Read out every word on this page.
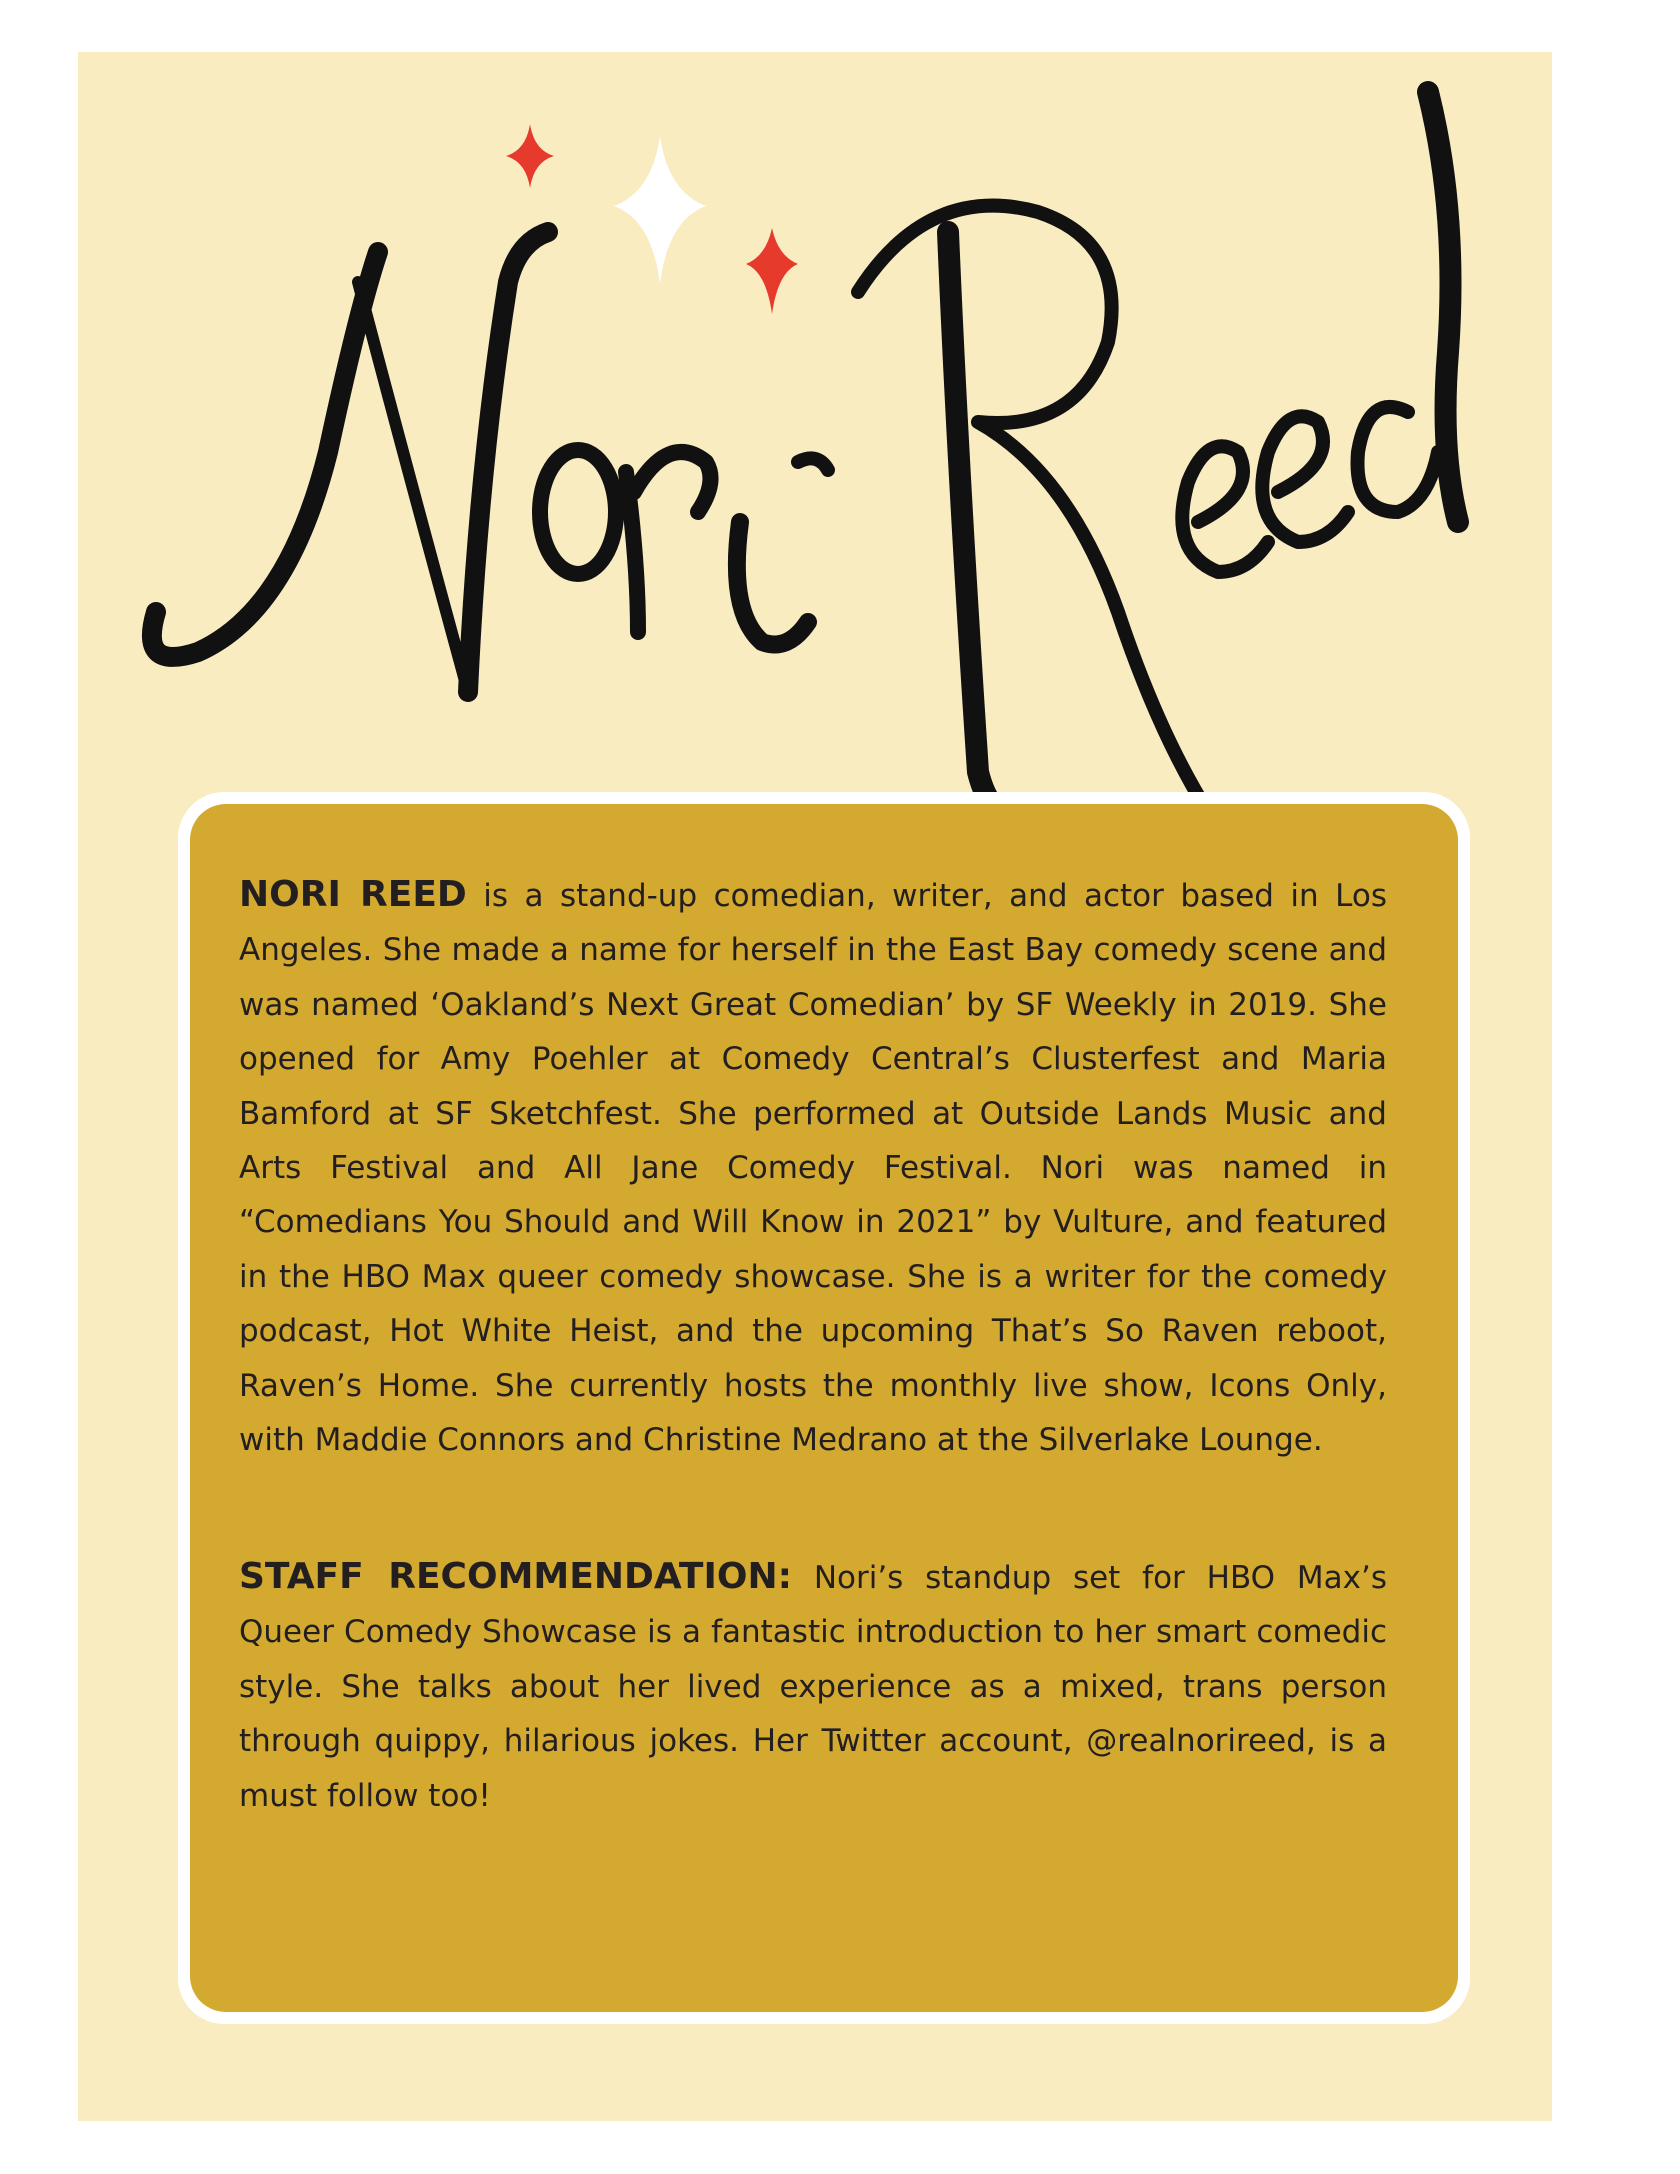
NORI REED is a stand-up comedian, writer, and actor based in Los Angeles. She made a name for herself in the East Bay comedy scene and was named ‘Oakland’s Next Great Comedian’ by SF Weekly in 2019. She opened for Amy Poehler at Comedy Central’s Clusterfest and Maria Bamford at SF Sketchfest. She performed at Outside Lands Music and Arts Festival and All Jane Comedy Festival. Nori was named in “Comedians You Should and Will Know in 2021” by Vulture, and featured in the HBO Max queer comedy showcase. She is a writer for the comedy podcast, Hot White Heist, and the upcoming That’s So Raven reboot, Raven’s Home. She currently hosts the monthly live show, Icons Only, with Maddie Connors and Christine Medrano at the Silverlake Lounge.

STAFF RECOMMENDATION: Nori’s standup set for HBO Max’s Queer Comedy Showcase is a fantastic introduction to her smart comedic style. She talks about her lived experience as a mixed, trans person through quippy, hilarious jokes. Her Twitter account, @realnorireed, is a must follow too!
